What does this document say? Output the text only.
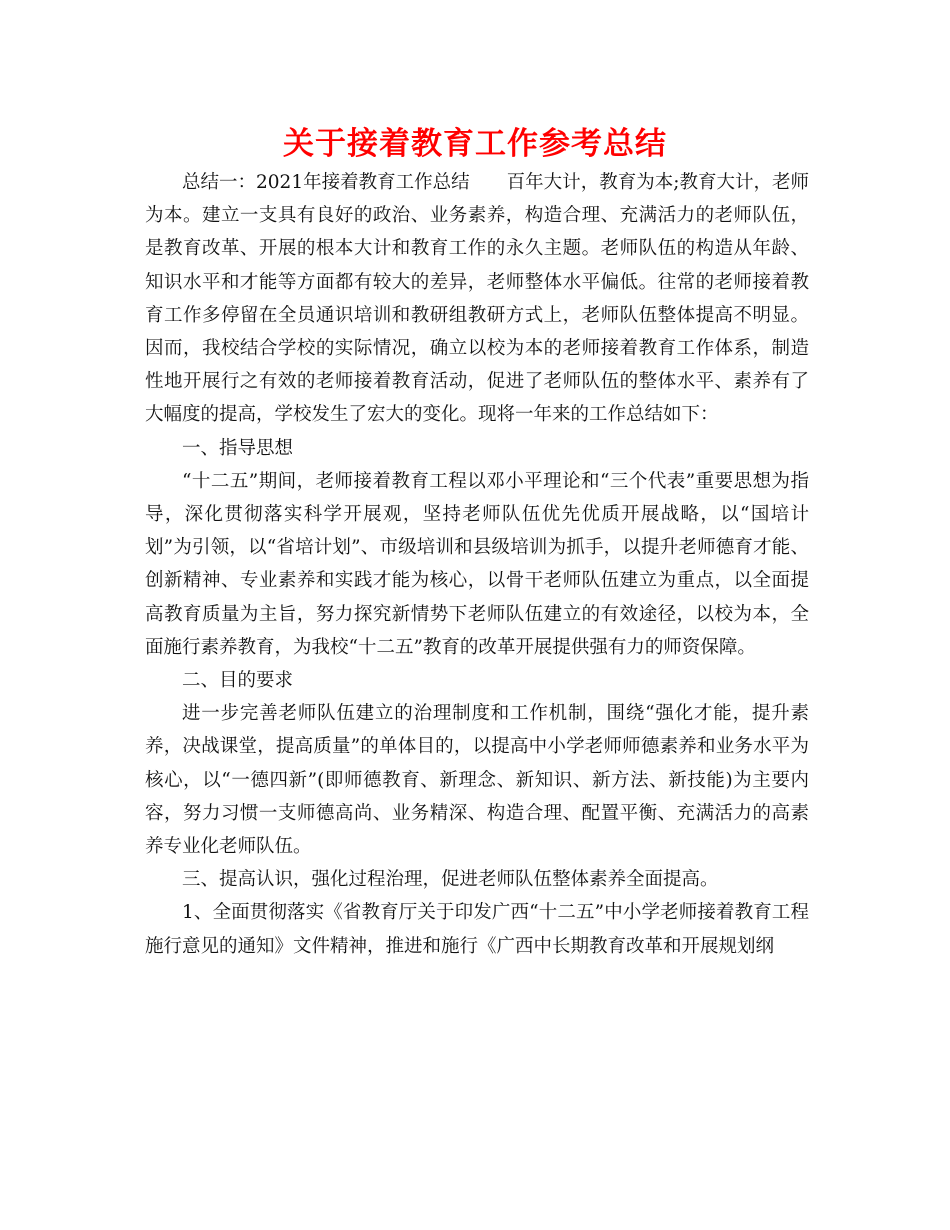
关于接着教育工作参考总结

总结一：2021年接着教育工作总结　　百年大计，教育为本;教育大计，老师为本。建立一支具有良好的政治、业务素养，构造合理、充满活力的老师队伍，是教育改革、开展的根本大计和教育工作的永久主题。老师队伍的构造从年龄、知识水平和才能等方面都有较大的差异，老师整体水平偏低。往常的老师接着教育工作多停留在全员通识培训和教研组教研方式上，老师队伍整体提高不明显。因而，我校结合学校的实际情况，确立以校为本的老师接着教育工作体系，制造性地开展行之有效的老师接着教育活动，促进了老师队伍的整体水平、素养有了大幅度的提高，学校发生了宏大的变化。现将一年来的工作总结如下：

一、指导思想

“十二五”期间，老师接着教育工程以邓小平理论和“三个代表”重要思想为指导，深化贯彻落实科学开展观，坚持老师队伍优先优质开展战略，以“国培计划”为引领，以“省培计划”、市级培训和县级培训为抓手，以提升老师德育才能、创新精神、专业素养和实践才能为核心，以骨干老师队伍建立为重点，以全面提高教育质量为主旨，努力探究新情势下老师队伍建立的有效途径，以校为本，全面施行素养教育，为我校“十二五”教育的改革开展提供强有力的师资保障。

二、目的要求

进一步完善老师队伍建立的治理制度和工作机制，围绕“强化才能，提升素养，决战课堂，提高质量”的单体目的，以提高中小学老师师德素养和业务水平为核心，以“一德四新”(即师德教育、新理念、新知识、新方法、新技能)为主要内容，努力习惯一支师德高尚、业务精深、构造合理、配置平衡、充满活力的高素养专业化老师队伍。

三、提高认识，强化过程治理，促进老师队伍整体素养全面提高。

1、全面贯彻落实《省教育厅关于印发广西“十二五”中小学老师接着教育工程施行意见的通知》文件精神，推进和施行《广西中长期教育改革和开展规划纲
